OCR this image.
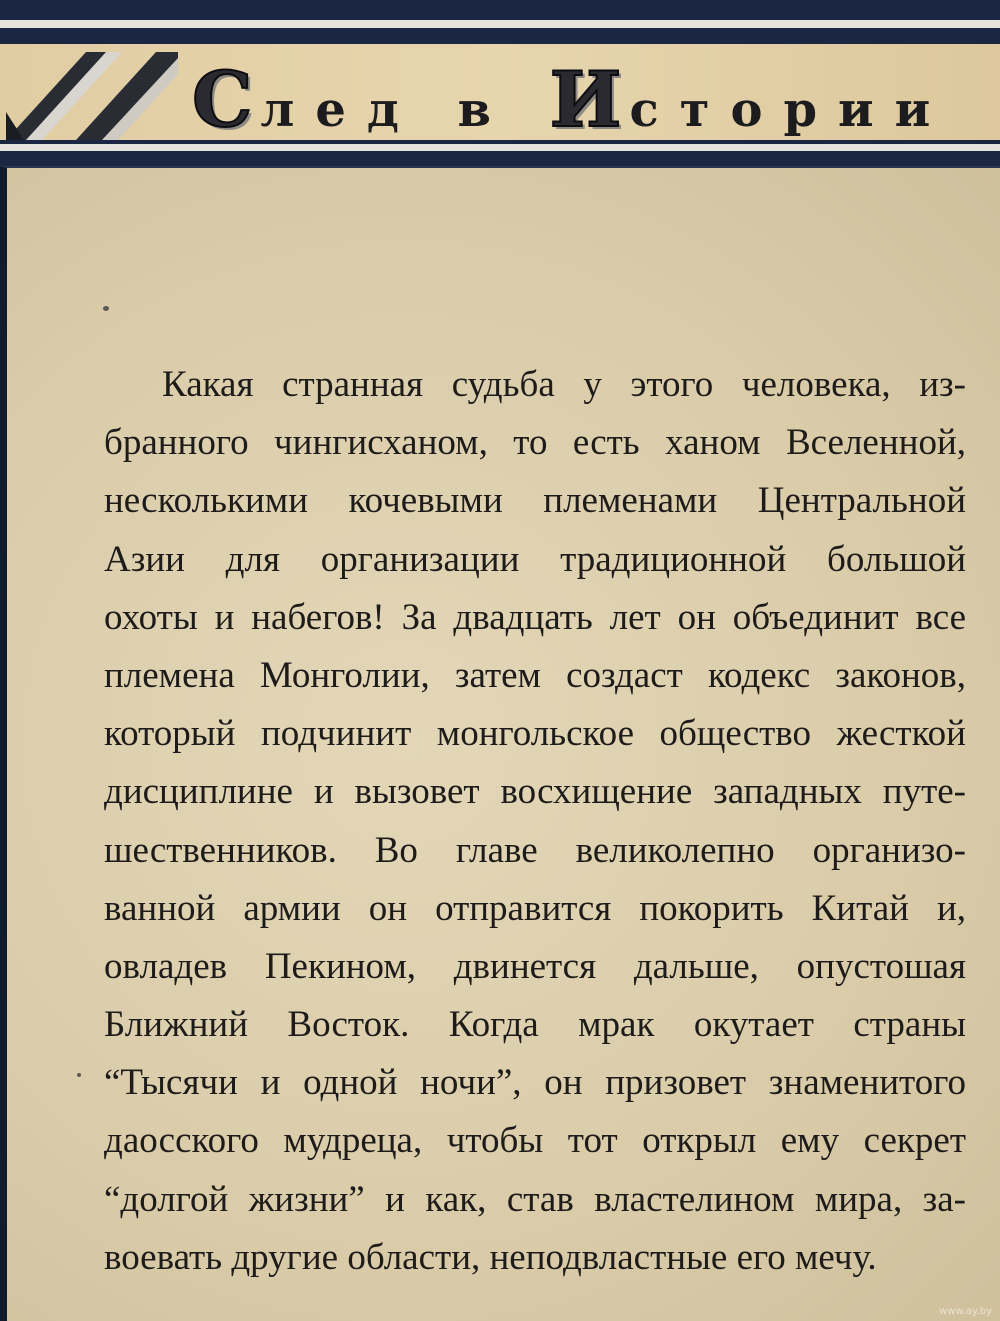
След в Истории
Какая странная судьба у этого человека, из-
бранного чингисханом, то есть ханом Вселенной,
несколькими кочевыми племенами Центральной
Азии для организации традиционной большой
охоты и набегов! За двадцать лет он объединит все
племена Монголии, затем создаст кодекс законов,
который подчинит монгольское общество жесткой
дисциплине и вызовет восхищение западных путе-
шественников. Во главе великолепно организо-
ванной армии он отправится покорить Китай и,
овладев Пекином, двинется дальше, опустошая
Ближний Восток. Когда мрак окутает страны
“Тысячи и одной ночи”, он призовет знаменитого
даосского мудреца, чтобы тот открыл ему секрет
“долгой жизни” и как, став властелином мира, за-
воевать другие области, неподвластные его мечу.
www.ay.by
